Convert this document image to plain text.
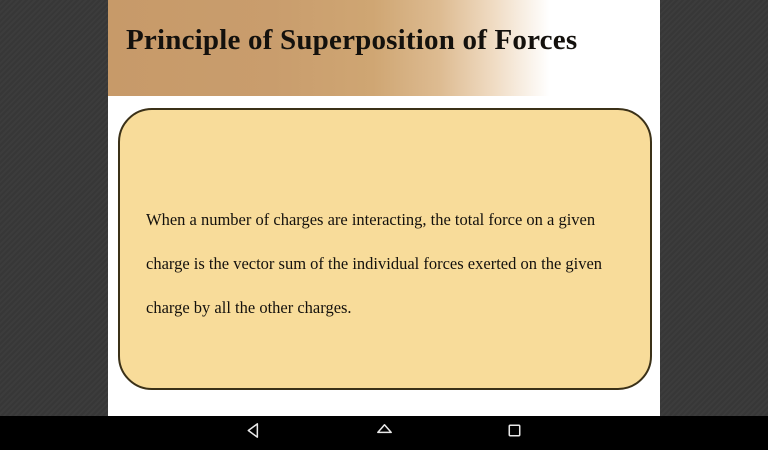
Principle of Superposition of Forces
When a number of charges are interacting, the total force on a given charge is the vector sum of the individual forces exerted on the given charge by all the other charges.
